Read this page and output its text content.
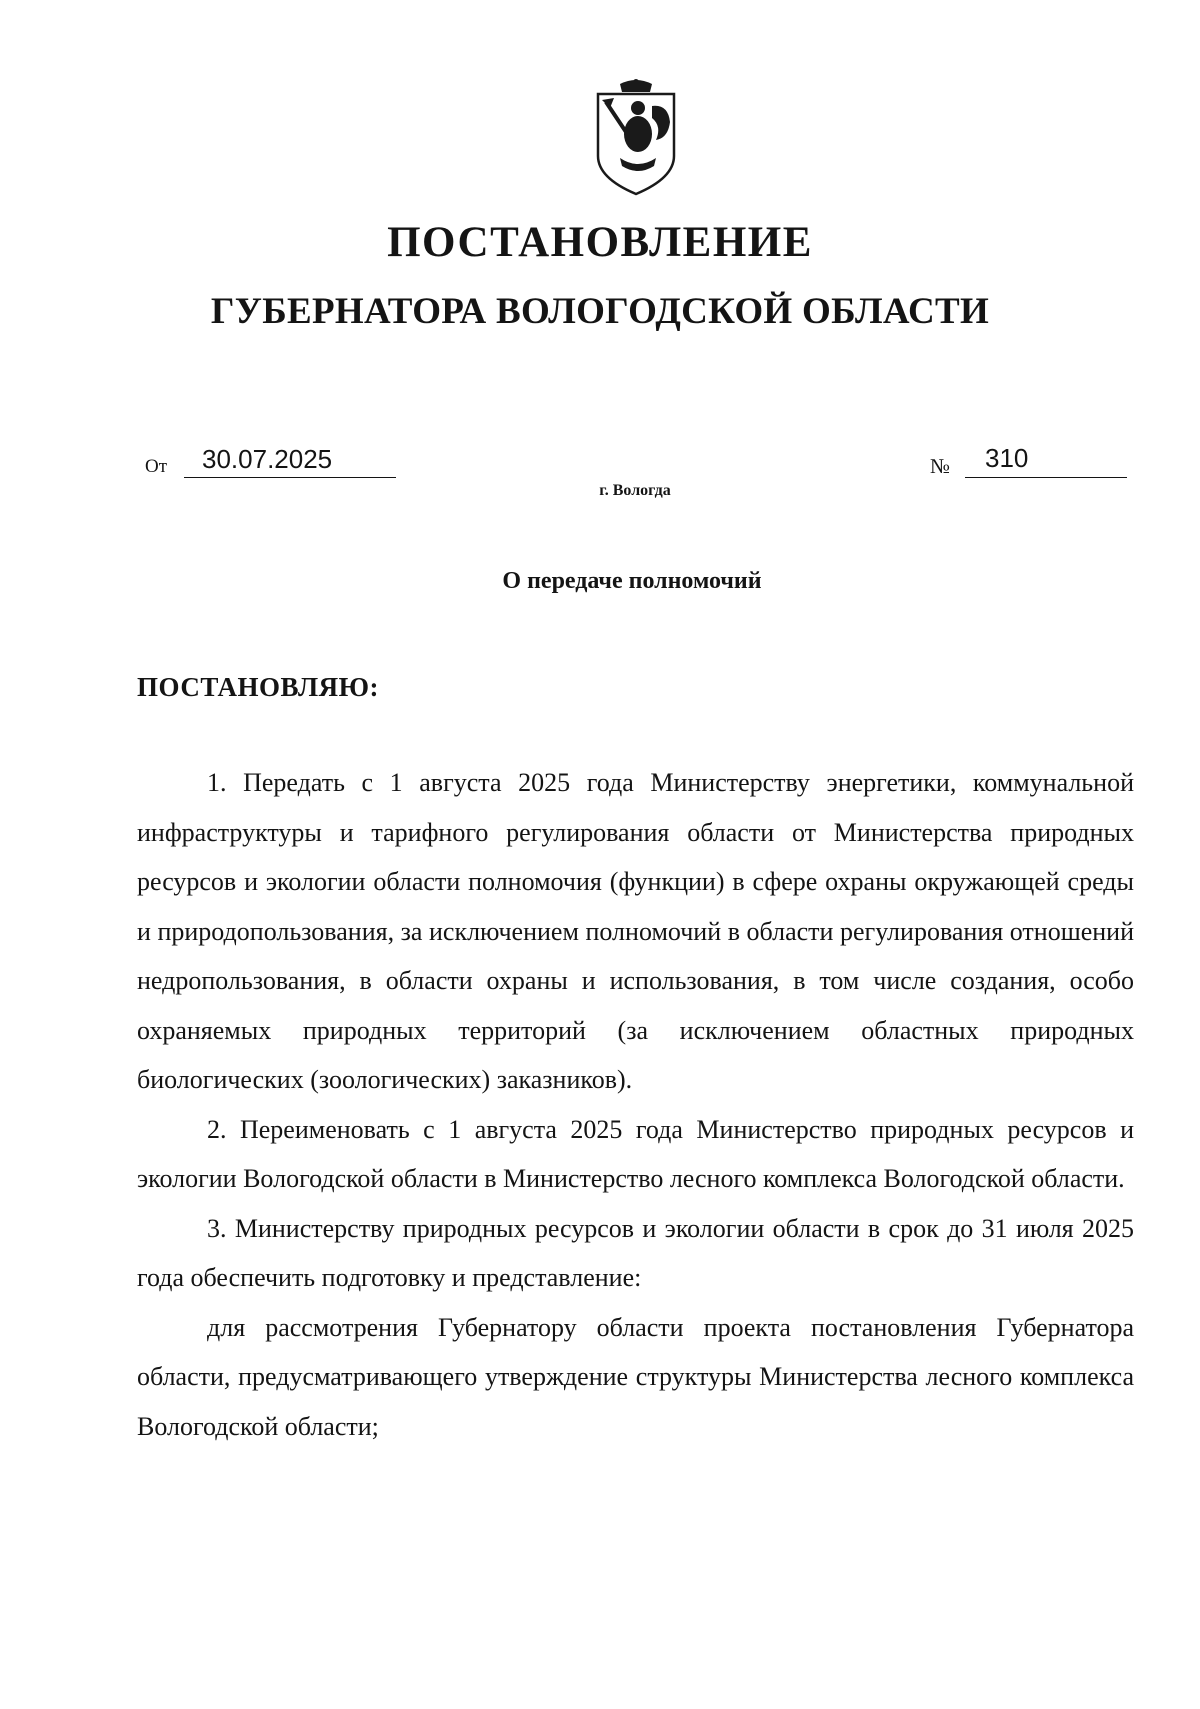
ПОСТАНОВЛЕНИЕ
ГУБЕРНАТОРА ВОЛОГОДСКОЙ ОБЛАСТИ
От	30.07.2025	№	310
г. Вологда
О передаче полномочий
ПОСТАНОВЛЯЮ:

1. Передать с 1 августа 2025 года Министерству энергетики, коммунальной инфраструктуры и тарифного регулирования области от Министерства природных ресурсов и экологии области полномочия (функции) в сфере охраны окружающей среды и природопользования, за исключением полномочий в области регулирования отношений недропользования, в области охраны и использования, в том числе создания, особо охраняемых природных территорий (за исключением областных природных биологических (зоологических) заказников).

2. Переименовать с 1 августа 2025 года Министерство природных ресурсов и экологии Вологодской области в Министерство лесного комплекса Вологодской области.

3. Министерству природных ресурсов и экологии области в срок до 31 июля 2025 года обеспечить подготовку и представление:

для рассмотрения Губернатору области проекта постановления Губернатора области, предусматривающего утверждение структуры Министерства лесного комплекса Вологодской области;
